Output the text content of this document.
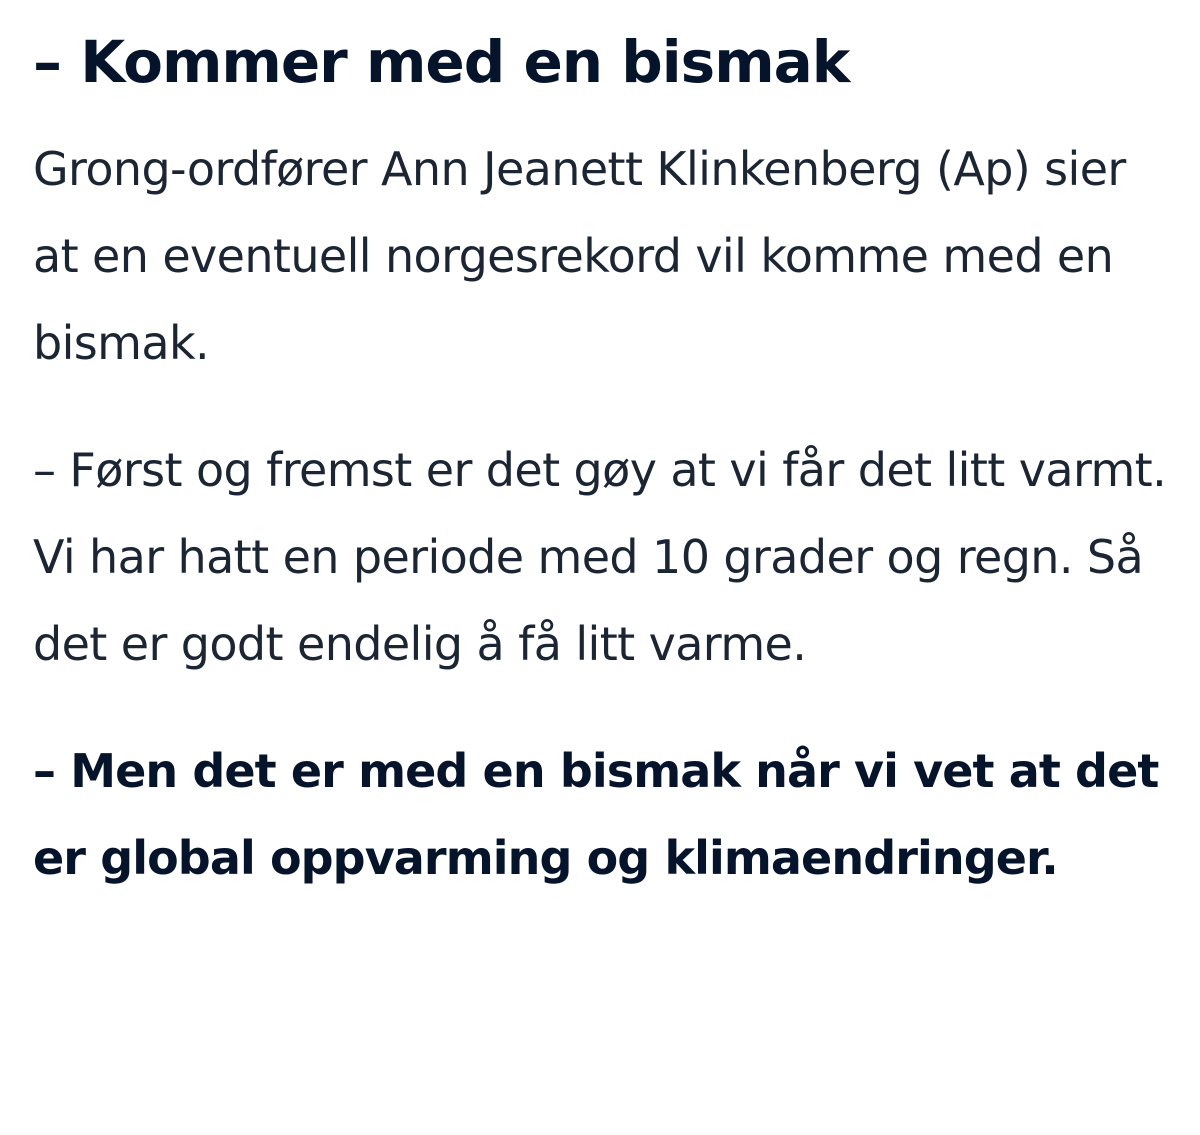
– Kommer med en bismak

Grong-ordfører Ann Jeanett Klinkenberg (Ap) sier at en eventuell norgesrekord vil komme med en bismak.

– Først og fremst er det gøy at vi får det litt varmt. Vi har hatt en periode med 10 grader og regn. Så det er godt endelig å få litt varme.

– Men det er med en bismak når vi vet at det er global oppvarming og klimaendringer.
